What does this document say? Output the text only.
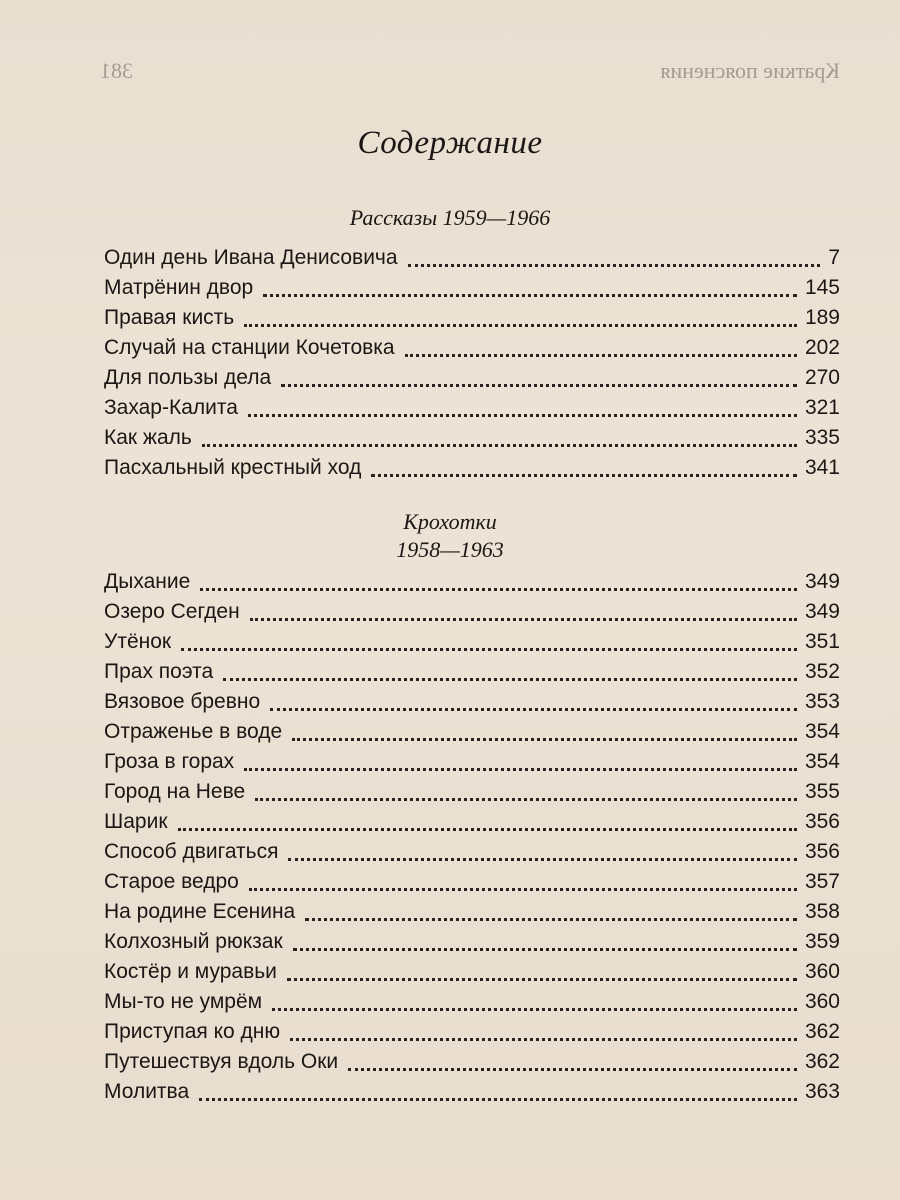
Краткие пояснения
381
Содержание
Рассказы 1959—1966
Один день Ивана Денисовича	7
Матрёнин двор	145
Правая кисть	189
Случай на станции Кочетовка	202
Для пользы дела	270
Захар-Калита	321
Как жаль	335
Пасхальный крестный ход	341
Крохотки
1958—1963
Дыхание	349
Озеро Сегден	349
Утёнок	351
Прах поэта	352
Вязовое бревно	353
Отраженье в воде	354
Гроза в горах	354
Город на Неве	355
Шарик	356
Способ двигаться	356
Старое ведро	357
На родине Есенина	358
Колхозный рюкзак	359
Костёр и муравьи	360
Мы-то не умрём	360
Приступая ко дню	362
Путешествуя вдоль Оки	362
Молитва	363
